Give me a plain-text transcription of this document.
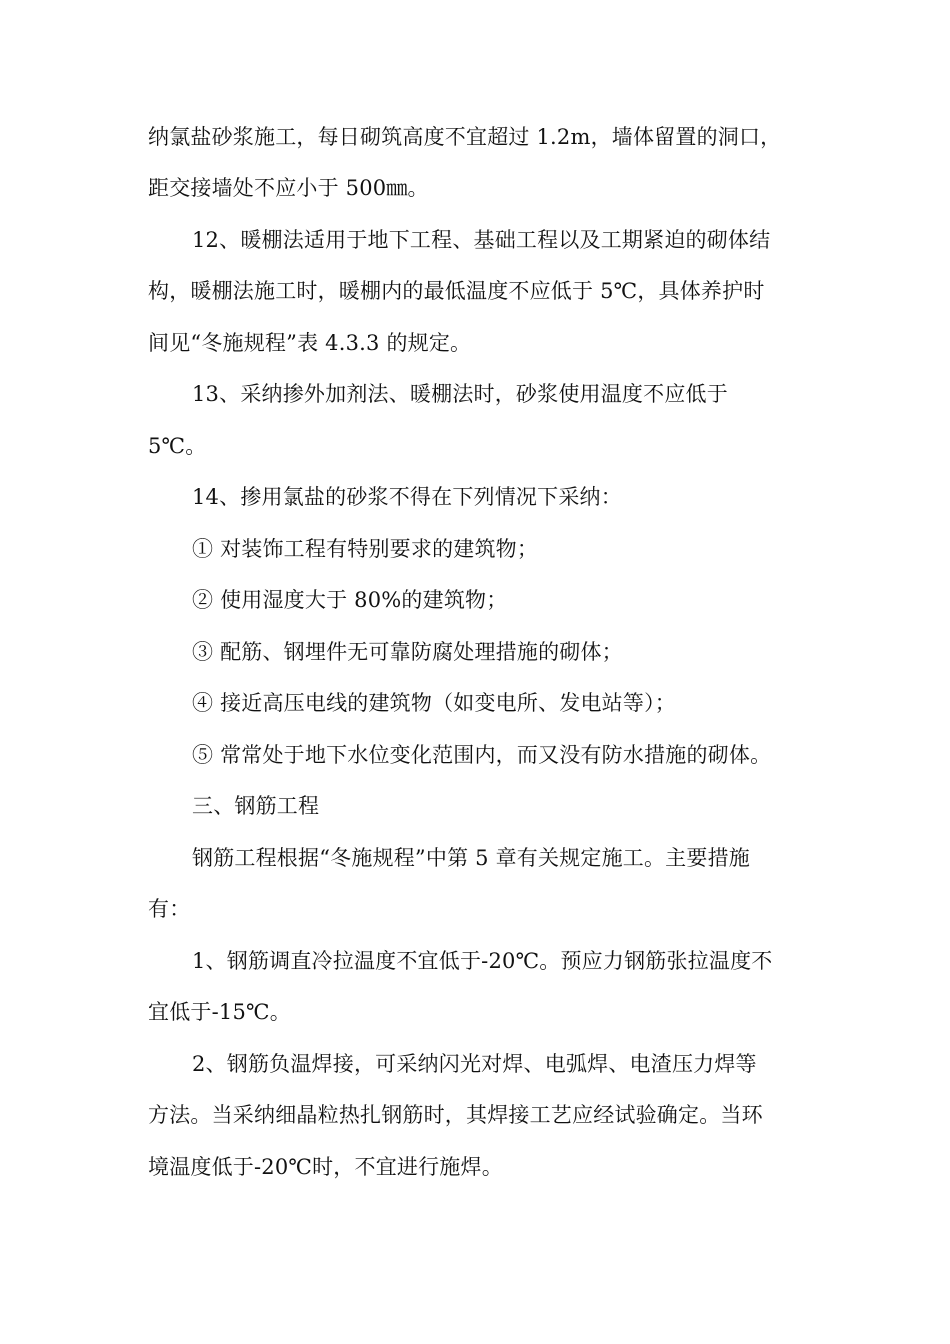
纳氯盐砂浆施工，每日砌筑高度不宜超过 1.2m，墙体留置的洞口，
距交接墙处不应小于 500㎜。
12、暖棚法适用于地下工程、基础工程以及工期紧迫的砌体结
构，暖棚法施工时，暖棚内的最低温度不应低于 5℃，具体养护时
间见“冬施规程”表 4.3.3 的规定。
13、采纳掺外加剂法、暖棚法时，砂浆使用温度不应低于
5℃。
14、掺用氯盐的砂浆不得在下列情况下采纳：
① 对装饰工程有特别要求的建筑物；
② 使用湿度大于 80%的建筑物；
③ 配筋、钢埋件无可靠防腐处理措施的砌体；
④ 接近高压电线的建筑物（如变电所、发电站等）；
⑤ 常常处于地下水位变化范围内，而又没有防水措施的砌体。
三、钢筋工程
钢筋工程根据“冬施规程”中第 5 章有关规定施工。主要措施
有：
1、钢筋调直冷拉温度不宜低于-20℃。预应力钢筋张拉温度不
宜低于-15℃。
2、钢筋负温焊接，可采纳闪光对焊、电弧焊、电渣压力焊等
方法。当采纳细晶粒热扎钢筋时，其焊接工艺应经试验确定。当环
境温度低于-20℃时，不宜进行施焊。
